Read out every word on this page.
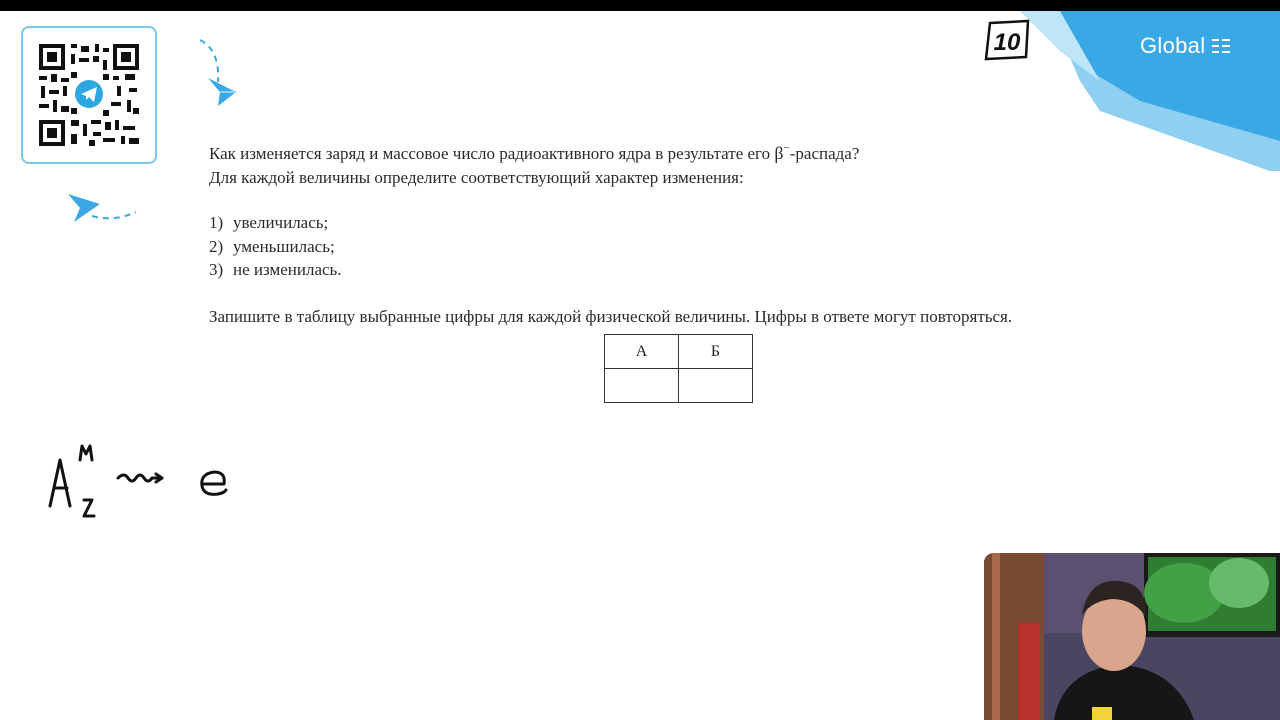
Global
10

Как изменяется заряд и массовое число радиоактивного ядра в результате его β−-распада?

Для каждой величины определите соответствующий характер изменения:

1) увеличилась;

2) уменьшилась;

3) не изменилась.

Запишите в таблицу выбранные цифры для каждой физической величины. Цифры в ответе могут повторяться.

А	Б
